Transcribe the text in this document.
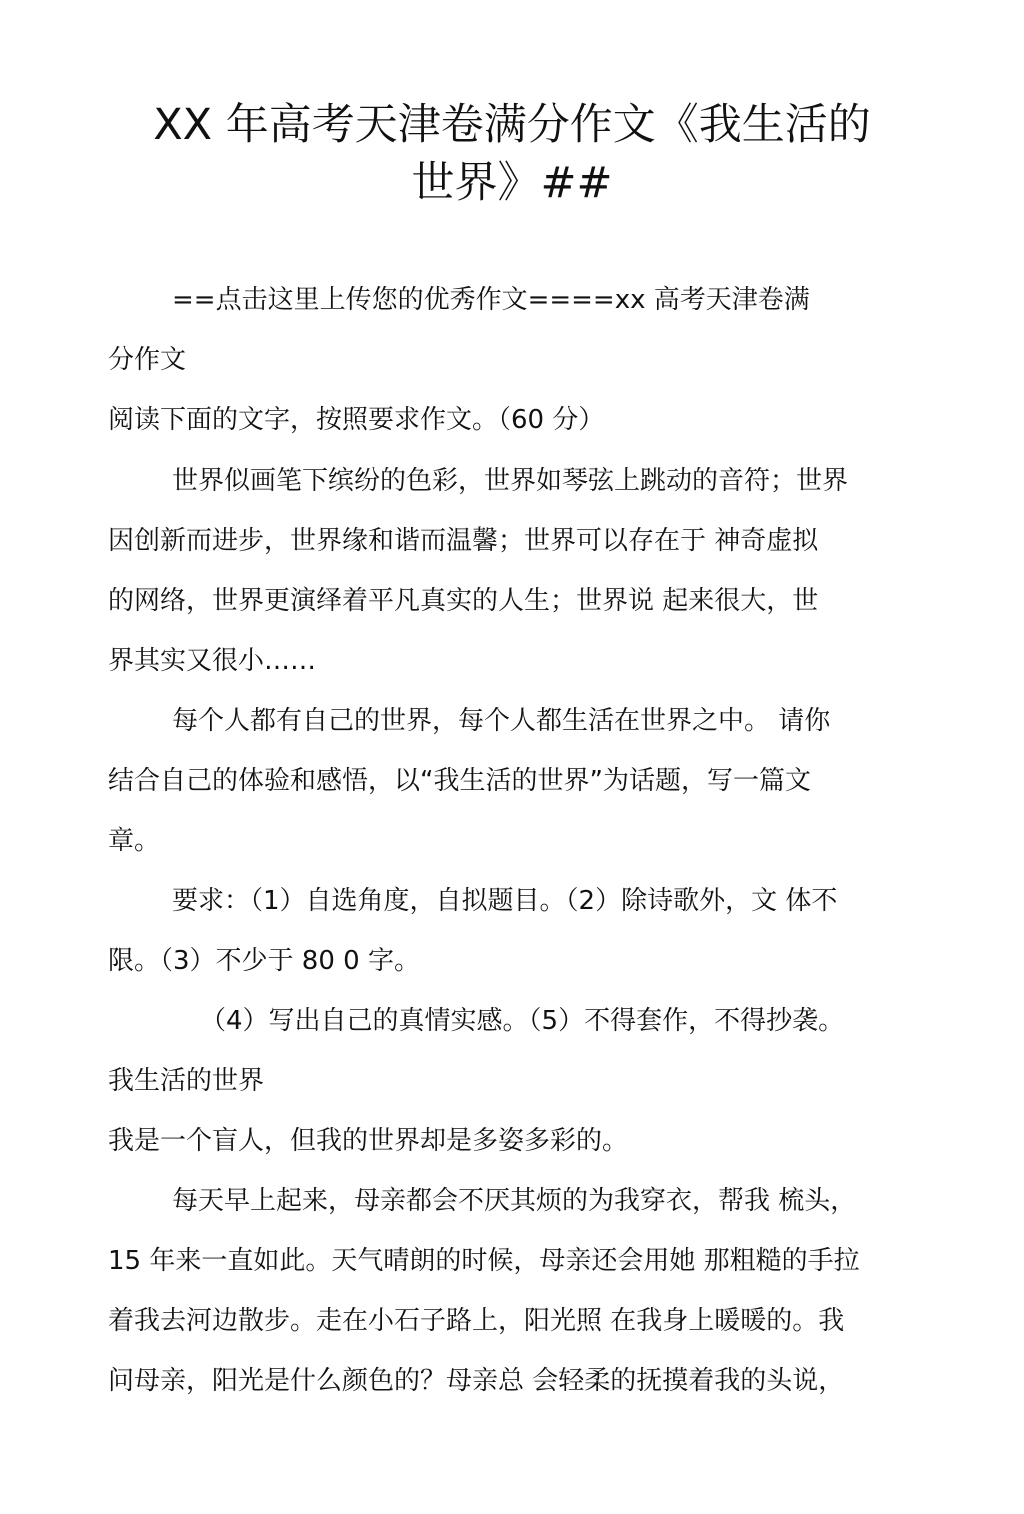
XX 年高考天津卷满分作文《我生活的
世界》##
==点击这里上传您的优秀作文====xx 高考天津卷满
分作文
阅读下面的文字，按照要求作文。（60 分）
世界似画笔下缤纷的色彩，世界如琴弦上跳动的音符；世界
因创新而进步，世界缘和谐而温馨；世界可以存在于 神奇虚拟
的网络，世界更演绎着平凡真实的人生；世界说 起来很大，世
界其实又很小……
每个人都有自己的世界，每个人都生活在世界之中。 请你
结合自己的体验和感悟，以“我生活的世界”为话题，写一篇文
章。
要求：（1）自选角度，自拟题目。（2）除诗歌外，文 体不
限。（3）不少于 80 0 字。
（4）写出自己的真情实感。（5）不得套作，不得抄袭。
我生活的世界
我是一个盲人，但我的世界却是多姿多彩的。
每天早上起来，母亲都会不厌其烦的为我穿衣，帮我 梳头，
15 年来一直如此。天气晴朗的时候，母亲还会用她 那粗糙的手拉
着我去河边散步。走在小石子路上，阳光照 在我身上暖暖的。我
问母亲，阳光是什么颜色的？母亲总 会轻柔的抚摸着我的头说，
